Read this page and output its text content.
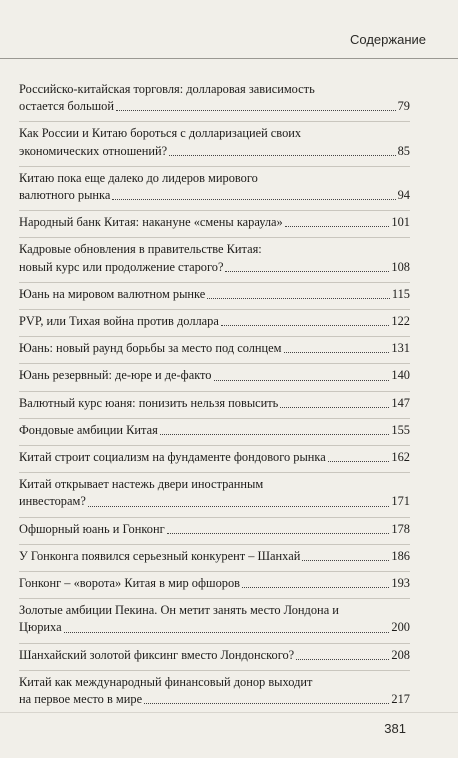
Содержание
Российско-китайская торговля: долларовая зависимость
остается большой	79
Как России и Китаю бороться с долларизацией своих
экономических отношений?	85
Китаю пока еще далеко до лидеров мирового
валютного рынка	94
Народный банк Китая: накануне «смены караула»	101
Кадровые обновления в правительстве Китая:
новый курс или продолжение старого?	108
Юань на мировом валютном рынке	115
PVP, или Тихая война против доллара	122
Юань: новый раунд борьбы за место под солнцем	131
Юань резервный: де-юре и де-факто	140
Валютный курс юаня: понизить нельзя повысить	147
Фондовые амбиции Китая	155
Китай строит социализм на фундаменте фондового рынка	162
Китай открывает настежь двери иностранным
инвесторам?	171
Офшорный юань и Гонконг	178
У Гонконга появился серьезный конкурент – Шанхай	186
Гонконг – «ворота» Китая в мир офшоров	193
Золотые амбиции Пекина. Он метит занять место Лондона и
Цюриха	200
Шанхайский золотой фиксинг вместо Лондонского?	208
Китай как международный финансовый донор выходит
на первое место в мире	217
381
